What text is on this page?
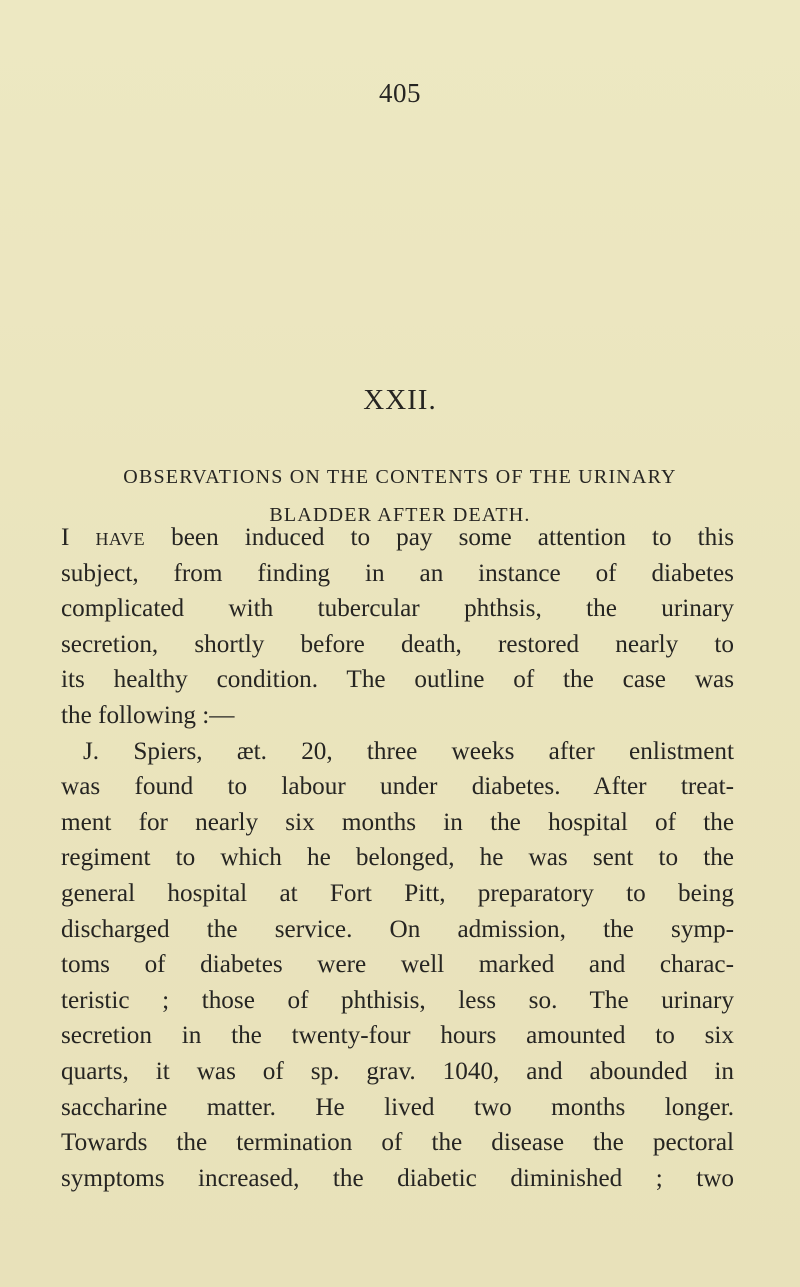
405
XXII.
OBSERVATIONS ON THE CONTENTS OF THE URINARY
BLADDER AFTER DEATH.
I have been induced to pay some attention to this
subject, from finding in an instance of diabetes
complicated with tubercular phthsis, the urinary
secretion, shortly before death, restored nearly to
its healthy condition. The outline of the case was
the following :—
J. Spiers, æt. 20, three weeks after enlistment
was found to labour under diabetes. After treat-
ment for nearly six months in the hospital of the
regiment to which he belonged, he was sent to the
general hospital at Fort Pitt, preparatory to being
discharged the service. On admission, the symp-
toms of diabetes were well marked and charac-
teristic ; those of phthisis, less so. The urinary
secretion in the twenty-four hours amounted to six
quarts, it was of sp. grav. 1040, and abounded in
saccharine matter. He lived two months longer.
Towards the termination of the disease the pectoral
symptoms increased, the diabetic diminished ; two
